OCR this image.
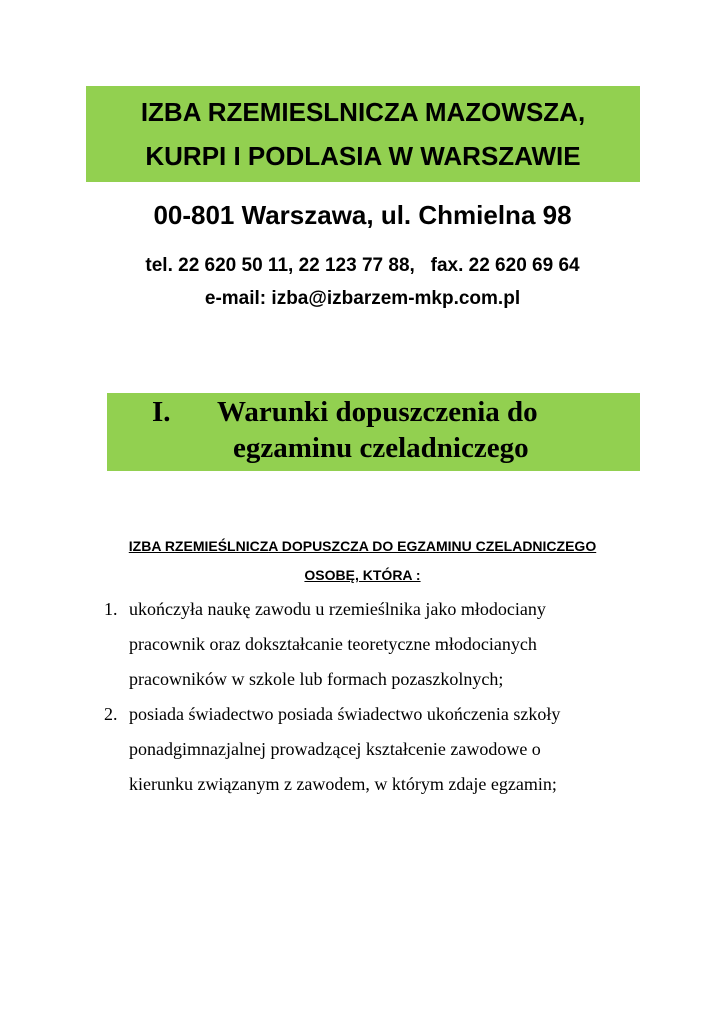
IZBA RZEMIESLNICZA MAZOWSZA,
KURPI I PODLASIA W WARSZAWIE
00-801 Warszawa, ul. Chmielna 98
tel. 22 620 50 11, 22 123 77 88,   fax. 22 620 69 64
e-mail: izba@izbarzem-mkp.com.pl
I. Warunki dopuszczenia do
egzaminu czeladniczego
IZBA RZEMIEŚLNICZA DOPUSZCZA DO EGZAMINU CZELADNICZEGO
OSOBĘ, KTÓRA :
1. ukończyła naukę zawodu u rzemieślnika jako młodociany
pracownik oraz dokształcanie teoretyczne młodocianych
pracowników w szkole lub formach pozaszkolnych;
2. posiada świadectwo posiada świadectwo ukończenia szkoły
ponadgimnazjalnej prowadzącej kształcenie zawodowe o
kierunku związanym z zawodem, w którym zdaje egzamin;
